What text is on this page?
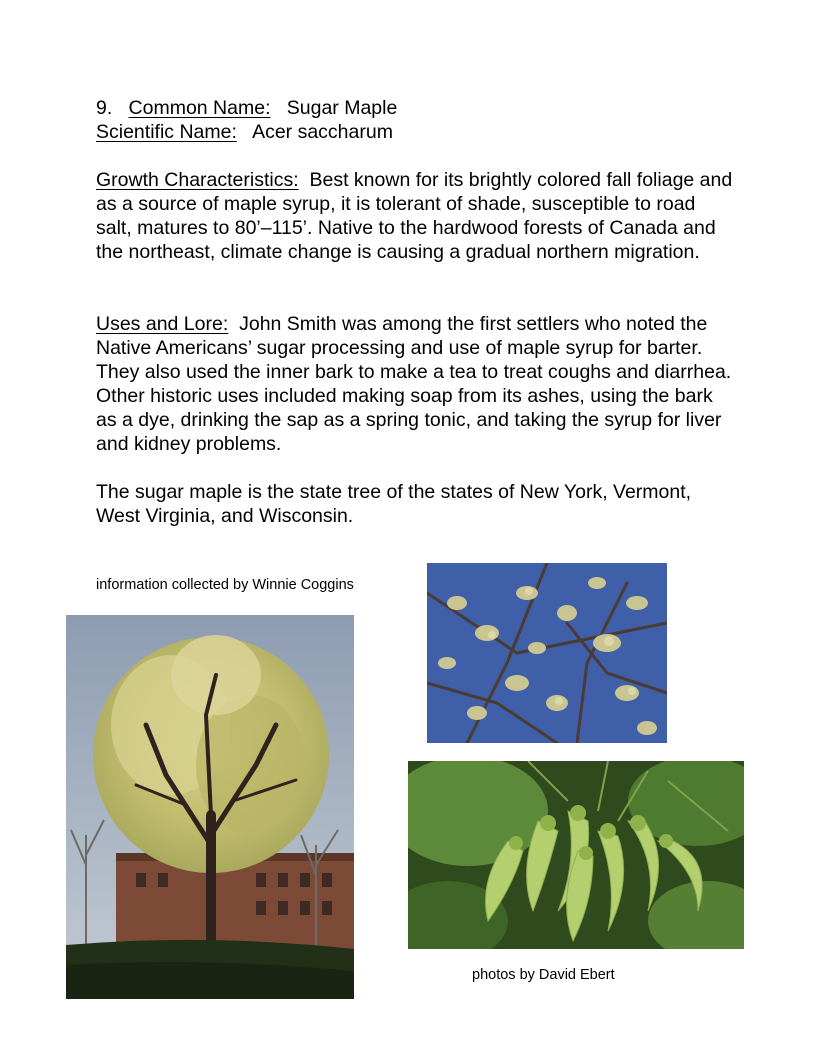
9. Common Name: Sugar Maple
Scientific Name: Acer saccharum
Growth Characteristics: Best known for its brightly colored fall foliage and as a source of maple syrup, it is tolerant of shade, susceptible to road salt, matures to 80’–115’. Native to the hardwood forests of Canada and the northeast, climate change is causing a gradual northern migration.
Uses and Lore: John Smith was among the first settlers who noted the Native Americans’ sugar processing and use of maple syrup for barter. They also used the inner bark to make a tea to treat coughs and diarrhea. Other historic uses included making soap from its ashes, using the bark as a dye, drinking the sap as a spring tonic, and taking the syrup for liver and kidney problems.
The sugar maple is the state tree of the states of New York, Vermont, West Virginia, and Wisconsin.
information collected by Winnie Coggins
photos by David Ebert
